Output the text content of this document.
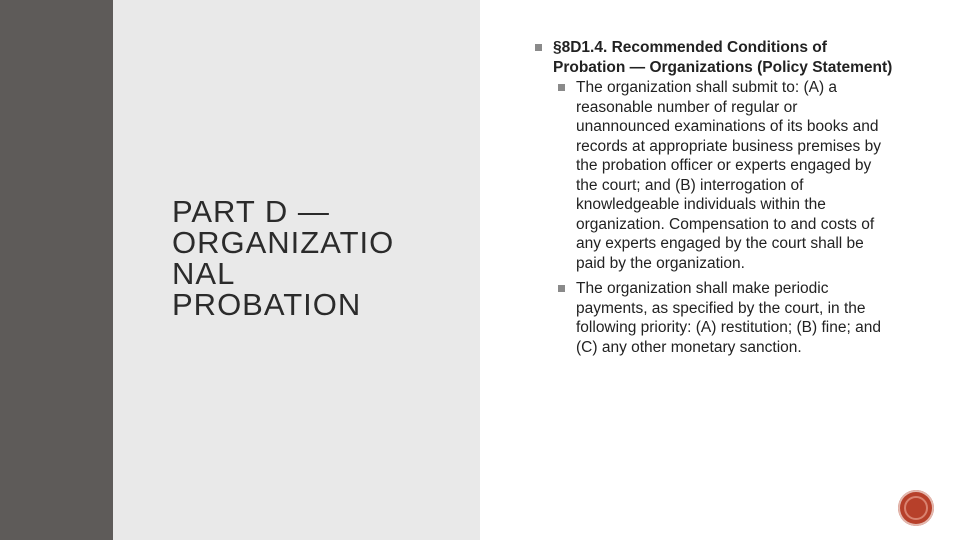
PART D —
ORGANIZATIO
NAL
PROBATION
§8D1.4. Recommended Conditions of Probation — Organizations (Policy Statement)
The organization shall submit to: (A) a reasonable number of regular or unannounced examinations of its books and records at appropriate business premises by the probation officer or experts engaged by the court; and (B) interrogation of knowledgeable individuals within the organization. Compensation to and costs of any experts engaged by the court shall be paid by the organization.
The organization shall make periodic payments, as specified by the court, in the following priority: (A) restitution; (B) fine; and (C) any other monetary sanction.
